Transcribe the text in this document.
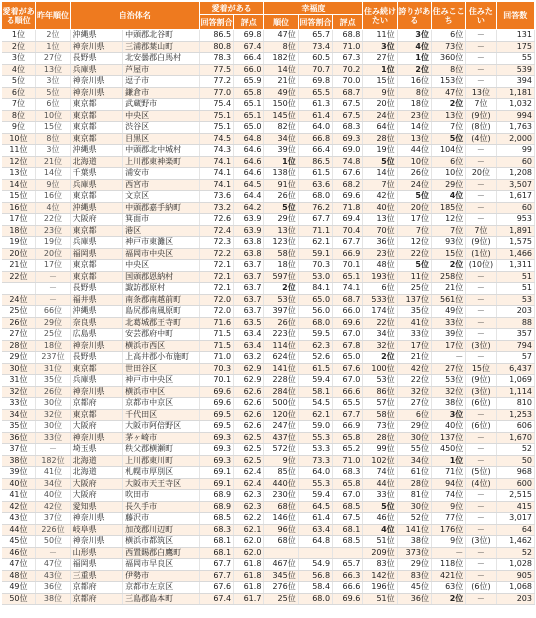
愛着がある順位	昨年順位	自治体名		愛着がある		幸福度			住み続けたい	誇りがある	住みここち	住みたい	回答数
				回答割合	評点	順位	回答割合	評点					
1位	2位	沖縄県	中頭郡北谷町	86.5	69.8	47位	65.7	68.8	11位	3位	6位	－	131
2位	1位	神奈川県	三浦郡葉山町	80.8	67.4	8位	73.4	71.0	3位	4位	73位	－	175
3位	27位	長野県	北安曇郡白馬村	78.3	66.4	182位	60.5	67.3	27位	1位	360位	－	55
4位	13位	兵庫県	芦屋市	77.5	66.0	14位	70.7	70.2	1位	2位	8位	－	539
5位	3位	神奈川県	逗子市	77.2	65.9	21位	69.8	70.0	15位	16位	153位	－	394
6位	5位	神奈川県	鎌倉市	77.0	65.8	49位	65.5	68.7	9位	8位	47位	13位	1,181
7位	6位	東京都	武蔵野市	75.4	65.1	150位	61.3	67.5	20位	18位	2位	7位	1,032
8位	10位	東京都	中央区	75.1	65.1	145位	61.4	67.5	24位	23位	13位	(9位)	994
9位	15位	東京都	渋谷区	75.1	65.0	82位	64.0	68.3	64位	14位	7位	(8位)	1,763
10位	8位	東京都	目黒区	74.5	64.8	34位	66.8	69.3	28位	13位	5位	(4位)	2,000
11位	3位	沖縄県	中頭郡北中城村	74.3	64.6	39位	66.4	69.0	19位	44位	104位	－	99
12位	21位	北海道	上川郡東神楽町	74.1	64.6	1位	86.5	74.8	5位	10位	6位	－	60
13位	14位	千葉県	浦安市	74.1	64.6	138位	61.5	67.6	14位	26位	10位	20位	1,208
14位	9位	兵庫県	西宮市	74.1	64.5	91位	63.6	68.2	7位	24位	29位	－	3,507
15位	16位	東京都	文京区	73.6	64.4	26位	68.0	69.6	42位	5位	4位	－	1,617
16位	4位	沖縄県	中頭郡嘉手納町	73.2	64.2	5位	76.2	71.8	40位	20位	185位	－	60
17位	22位	大阪府	箕面市	72.6	63.9	29位	67.7	69.4	13位	17位	12位	－	953
18位	23位	東京都	港区	72.4	63.9	13位	71.1	70.4	70位	7位	7位	7位	1,891
19位	19位	兵庫県	神戸市東灘区	72.3	63.8	123位	62.1	67.7	36位	12位	93位	(9位)	1,575
20位	20位	福岡県	福岡市中央区	72.2	63.8	58位	59.1	66.9	23位	22位	15位	(1位)	1,466
21位	17位	東京都	中央区	72.1	63.7	18位	70.3	70.1	48位	5位	2位	(10位)	1,311
22位	－	東京都	国頭郡恩納村	72.1	63.7	597位	53.0	65.1	193位	11位	258位	－	51
	－	長野県	諏訪郡原村	72.1	63.7	2位	84.1	74.1	6位	25位	21位	－	51
24位	－	福井県	南条郡南越前町	72.0	63.7	53位	65.0	68.7	533位	137位	561位	－	53
25位	66位	沖縄県	島尻郡南風原町	72.0	63.7	397位	56.0	66.0	174位	35位	49位	－	203
26位	29位	奈良県	北葛城郡王寺町	71.6	63.5	26位	68.0	69.6	22位	41位	33位	－	88
27位	25位	広島県	安芸郡府中町	71.5	63.4	223位	59.5	67.0	34位	33位	39位	－	357
28位	18位	神奈川県	横浜市西区	71.5	63.4	114位	62.3	67.8	32位	17位	17位	(3位)	794
29位	237位	長野県	上高井郡小布施町	71.0	63.2	624位	52.6	65.0	2位	21位	－	－	57
30位	31位	東京都	世田谷区	70.3	62.9	141位	61.5	67.6	100位	42位	27位	15位	6,437
31位	35位	兵庫県	神戸市中央区	70.1	62.9	228位	59.4	67.0	53位	22位	53位	(9位)	1,069
32位	26位	神奈川県	横浜市中区	69.6	62.6	284位	58.1	66.6	86位	32位	32位	(3位)	1,114
33位	30位	京都府	京都市中京区	69.6	62.6	500位	54.5	65.5	57位	27位	38位	(6位)	810
34位	32位	東京都	千代田区	69.5	62.6	120位	62.1	67.7	58位	6位	3位	－	1,253
35位	30位	大阪府	大阪市阿倍野区	69.5	62.6	247位	59.0	66.9	73位	29位	40位	(6位)	606
36位	33位	神奈川県	茅ヶ崎市	69.3	62.5	437位	55.3	65.8	28位	30位	137位	－	1,670
37位	－	埼玉県	秩父郡横瀬町	69.3	62.5	572位	53.3	65.2	99位	55位	450位	－	52
38位	182位	北海道	上川郡東川町	69.3	62.5	9位	73.3	71.0	102位	34位	1位	－	50
39位	41位	北海道	札幌市厚別区	69.1	62.4	85位	64.0	68.3	74位	61位	71位	(5位)	968
40位	34位	大阪府	大阪市天王寺区	69.1	62.4	440位	55.3	65.8	44位	28位	94位	(4位)	600
41位	40位	大阪府	吹田市	68.9	62.3	230位	59.4	67.0	33位	81位	74位	－	2,515
42位	42位	愛知県	長久手市	68.9	62.3	68位	64.5	68.5	5位	30位	9位	－	415
43位	37位	神奈川県	藤沢市	68.5	62.2	146位	61.4	67.5	46位	52位	77位	－	3,017
44位	226位	岐阜県	加茂郡川辺町	68.3	62.1	96位	63.4	68.1	4位	141位	176位	－	64
45位	50位	神奈川県	横浜市都筑区	68.1	62.0	68位	64.8	68.5	51位	38位	9位	(3位)	1,462
46位	－	山形県	西置賜郡白鷹町	68.1	62.0				209位	373位	－	－	52
47位	47位	福岡県	福岡市早良区	67.7	61.8	467位	54.9	65.7	83位	29位	118位	－	1,028
48位	43位	三重県	伊勢市	67.7	61.8	345位	56.8	66.3	142位	83位	421位	－	905
49位	36位	京都府	京都市左京区	67.6	61.8	276位	58.4	66.6	196位	45位	63位	(6位)	1,068
50位	38位	京都府	三島郡島本町	67.4	61.7	25位	68.0	69.6	51位	36位	2位	－	203
